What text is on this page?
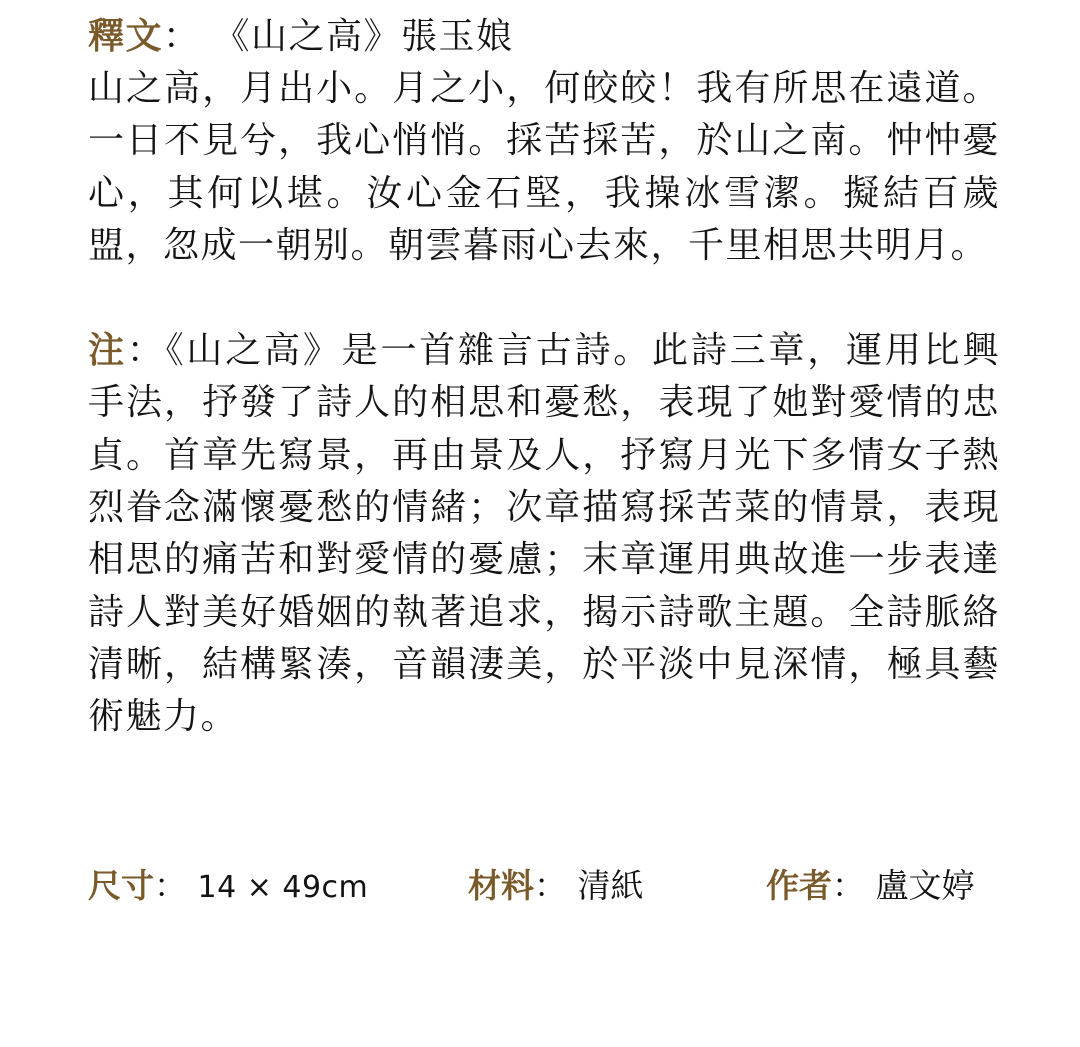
釋文： 《山之高》張玉娘

山之高，月出小。月之小，何皎皎！我有所思在遠道。一日不見兮，我心悄悄。採苦採苦，於山之南。忡忡憂心，其何以堪。汝心金石堅，我操冰雪潔。擬結百歲盟，忽成一朝别。朝雲暮雨心去來，千里相思共明月。

注：《山之高》是一首雜言古詩。此詩三章，運用比興手法，抒發了詩人的相思和憂愁，表現了她對愛情的忠貞。首章先寫景，再由景及人，抒寫月光下多情女子熱烈眷念滿懷憂愁的情緒；次章描寫採苦菜的情景，表現相思的痛苦和對愛情的憂慮；末章運用典故進一步表達詩人對美好婚姻的執著追求，揭示詩歌主題。全詩脈絡清晰，結構緊湊，音韻淒美，於平淡中見深情，極具藝術魅力。

尺寸： 14 × 49cm	材料： 清紙	作者： 盧文婷
